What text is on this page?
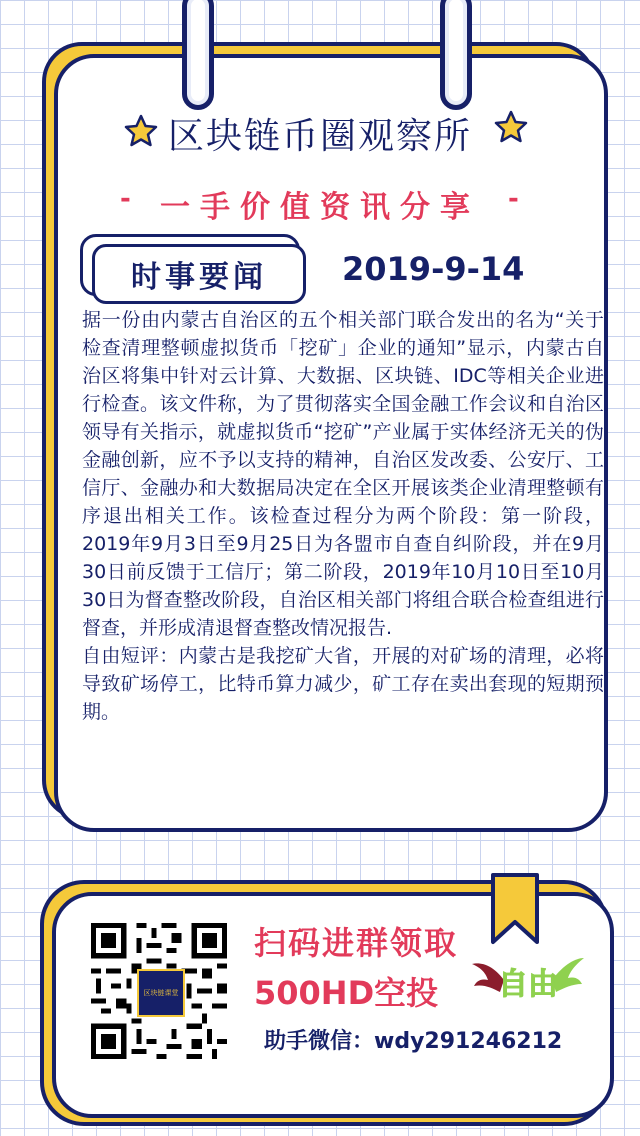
区块链币圈观察所
- 一手价值资讯分享	-
时事要闻	2019-9-14

据一份由内蒙古自治区的五个相关部门联合发出的名为“关于检查清理整顿虚拟货币「挖矿」企业的通知”显示，内蒙古自治区将集中针对云计算、大数据、区块链、IDC等相关企业进行检查。该文件称，为了贯彻落实全国金融工作会议和自治区领导有关指示，就虚拟货币“挖矿”产业属于实体经济无关的伪金融创新，应不予以支持的精神，自治区发改委、公安厅、工信厅、金融办和大数据局决定在全区开展该类企业清理整顿有序退出相关工作。该检查过程分为两个阶段：第一阶段，2019年9月3日至9月25日为各盟市自查自纠阶段，并在9月30日前反馈于工信厅；第二阶段，2019年10月10日至10月30日为督查整改阶段，自治区相关部门将组合联合检查组进行督查，并形成清退督查整改情况报告.

自由短评：内蒙古是我挖矿大省，开展的对矿场的清理，必将导致矿场停工，比特币算力减少，矿工存在卖出套现的短期预期。

区块链课堂
扫码进群领取
500HD空投
助手微信：wdy291246212
自由
